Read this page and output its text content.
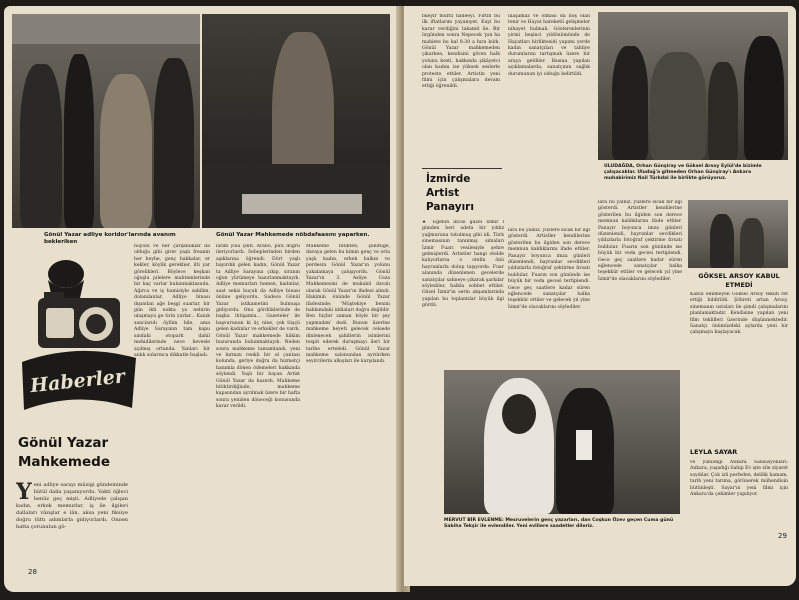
Gönül Yazar adliye koridor'larında avanım bekleriken
Gönül Yazar Mahkemede nöbdafaasını yaparken.
Haberler
Gönül Yazar Mahkemede
Y eni adliye sarayı müzigi gündeminde bütül dalla yaşanıyordu. Vakti öğleci henüz geç mişti. Adliyede çalışan kadın, erkek memurlar, iş ile ilgileri dallaları vâzışlar e lân, aksa yeni fiksiye doğru tüttı adımlarla gidiyorlardı. Onnen hatta çorunulun gö-

nüyolu ve her çarşanlıklar da olduğu gibi girer yaşlı freanin her heyhe, genç hakkalar, er kekler, köylik gereklier, ilti yar görelikleri. Böylece keşkan oğuşlu pilelere muhtemlerinde bir kaç varlar bulunmaktasudu. Ağırca ve iş hamisiyle sabilim, dolanılanlar. Adliye binası dışından ağe beşgi suarlar, bir gün ikti nokta ya nehirin ulaşmaya ge tirin yarlar... Kanık sanciarıdı öylüm bile, ama Adliye Sarayının tam kapu sındaki otopark dahil mehidilerinde nece hevesle açılmış ortanda. Yanları bir anlık sularınca dikkatle başladı.

larım yola çıktı. Arabo, pıra doğru ileriyorlardı. Sebeplerinden birden aşıklarına öğrendi. Dört yaşlı bayırdık gelen kadın, Gönül Yazar ta Adliye Sarayına çıkıp, sıranın oğun yürümeye hazırlanmaktaydı. Adliye memurları hemen, kadınlar, saat sekiz buçuk da Adliye binası önüne geliyordu. Sadece Gönül Yazar istikametini bulmuşa gidiyordu. Onu gördüklerinde de başka ihtişamla... Gazeteler ile başvurunun ki üç nine, çek tüşçü gelen kadınlar ve erkekler de vardı. Gönül Yazar mahkemede hâkim huzurunda bulunmaktaydı. Neden sonra mahkeme tamamlandı, yeni ve kırmızı renkli bir el çantası kolunda, geriye doğru da hizmetçi hanımla dönen ödemeleri hakkında söylendi. Yaşlı bir bayan Artist Gönül Yazar da hazırdı. Mahkeme bitiktirdiğinde, mahkeme kapısından ayrılmak üzere bir hafta sonra yeniden döneceği konusunda karar verildi.

Mahkeme bitikten, şahitliğe, davaya gelen bu kimin genç ve orta yaşlı kadın, erkek halkın ve perdesin Gönül Yazar'ın yolunu yakalamaya çalışıyordu. Gönül Yazar'ın 3. Asliye Ceza Mahkemesini de mukabil davalı olarak Gönül Yazar'ın ifadesi alındı. Hakimin önünde Gönül Yazar ifadesinde; 'Müştekiye benim hakkımdaki iddiaları doğru değildir. Ben hiçbir zaman böyle bir şey yapmadım' dedi. Bunun üzerine mahkeme heyeti gelecek celsede dinlenecek şahitlerin isimlerini tespit ederek duruşmayı ileri bir tarihe erteledi. Gönül Yazar mahkeme salonundan ayrılırken seyircilerin alkışları ile karşılandı.

28

bkeyir müftü hadeeyi. Fırtın bu ilk iftatlarım yayanıyet. Kuyi bu karar verdiğini takamit ile. Bir ürgünden sonra Nepecek 'pın ha mahiete bu kal 8.30 a bıra kıldı. Gönül Yazar mahkemeden çıkarken, kendisini gören halk yolunu kesti, hakkında şikâyetci olan kadını ise yüksek seslerle protesto ettiler. Artistin yeni filmi için çalışmalara devam ettiği öğrenildi.

ulaşamaz ve olması da hoş olan tenir ve Hayat hareketli gelişmeler nihayet bulmak. Gösterenlerinin yirmi beşinci yıldönümünde de Hayatları birliktesidi yapımı yerde kadın sanatçıları ve tahliye durumlarını tartışmak üzere bir araya geldiler. Basına yapılan açıklamalarda, sanatçının sağlık durumunun iyi olduğu belirtildi.

İzmirde Artist Panayırı

★ Egenin incisi güzel İzmir l günden beri adeta bir yıldız yağmuruna tutulmuş gibi idi. Türk sinemasının tanınmış simaları İzmir Fuarı vesilesiyle şehre gelmişlerdi. Artistler hangi otelde kalıyorlarsa o otelin önü hayranlarla dolup taşıyordu. Fuar alanında düzenlenen gecelerde sanatçılar sahneye çıkarak şarkılar söylediler, halkla sohbet ettiler. Güzel İzmir'in serin akşamlarında yapılan bu toplantılar büyük ilgi gördü.

lara bu yalnız, yüzlere sıcak bir ilgi gösterdi. Artistler kendilerine gösterilen bu ilgiden son derece memnun kaldıklarını ifade ettiler. Panayır boyunca imza günleri düzenlendi, hayranlar sevdikleri yıldızlarla fotoğraf çektirme fırsatı buldular. Fuarın son gününde ise büyük bir veda gecesi tertiplendi. Gece geç saatlere kadar süren eğlencede sanatçılar halka teşekkür ettiler ve gelecek yıl yine İzmir'de olacaklarını söylediler.

ULUDAĞDA, Orhan Günşiray ve Göksel Arsoy Eylül'de bizimle çalışacaklar. Uludağ'a gitmeden Orhan Günşiray'ı Ankara muhabirimiz Nail Türkdal ile birlikte görüyoruz.
GÖKSEL ARSOY KABUL ETMEDİ

Kabul edilmeyen Göksel Arsoy teklifi ret ettiği bildirildi. Şöhreti artan Arsoy, sinemanın ustaları ile şimdi çalışmalarını planlamaktadır. Kendisine yapılan yeni film teklifleri üzerinde düşünmektedir. Sanatçı önümüzdeki aylarda yeni bir çalışmaya başlayacak.

LEYLA SAYAR

ve yanıldığı Ankara Sansasyonları: Ankara, yaşadığı Sahip Ev işte zile ziyaret saydılar. Çok izli perfeden, delilik hamam, tarih yeni tarıma, görünerek mühendisin bütünleşti. Sayar'ın yeni filmi için Ankara'da çekimler yapılıyor.

lara bu yalnız, yüzlere sıcak bir ilgi gösterdi. Artistler kendilerine gösterilen bu ilgiden son derece memnun kaldıklarını ifade ettiler. Panayır boyunca imza günleri düzenlendi, hayranlar sevdikleri yıldızlarla fotoğraf çektirme fırsatı buldular. Fuarın son gününde ise büyük bir veda gecesi tertiplendi. Gece geç saatlere kadar süren eğlencede sanatçılar halka teşekkür ettiler ve gelecek yıl yine İzmir'de olacaklarını söylediler.

MERVUT BİR EVLENME: Mesruvelerin genç yazarları, dan Coşkun Özev geçen Cuma günü Sabiha Tekşir ile evlendiler. Yeni evlilere saadetler dileriz.
29
